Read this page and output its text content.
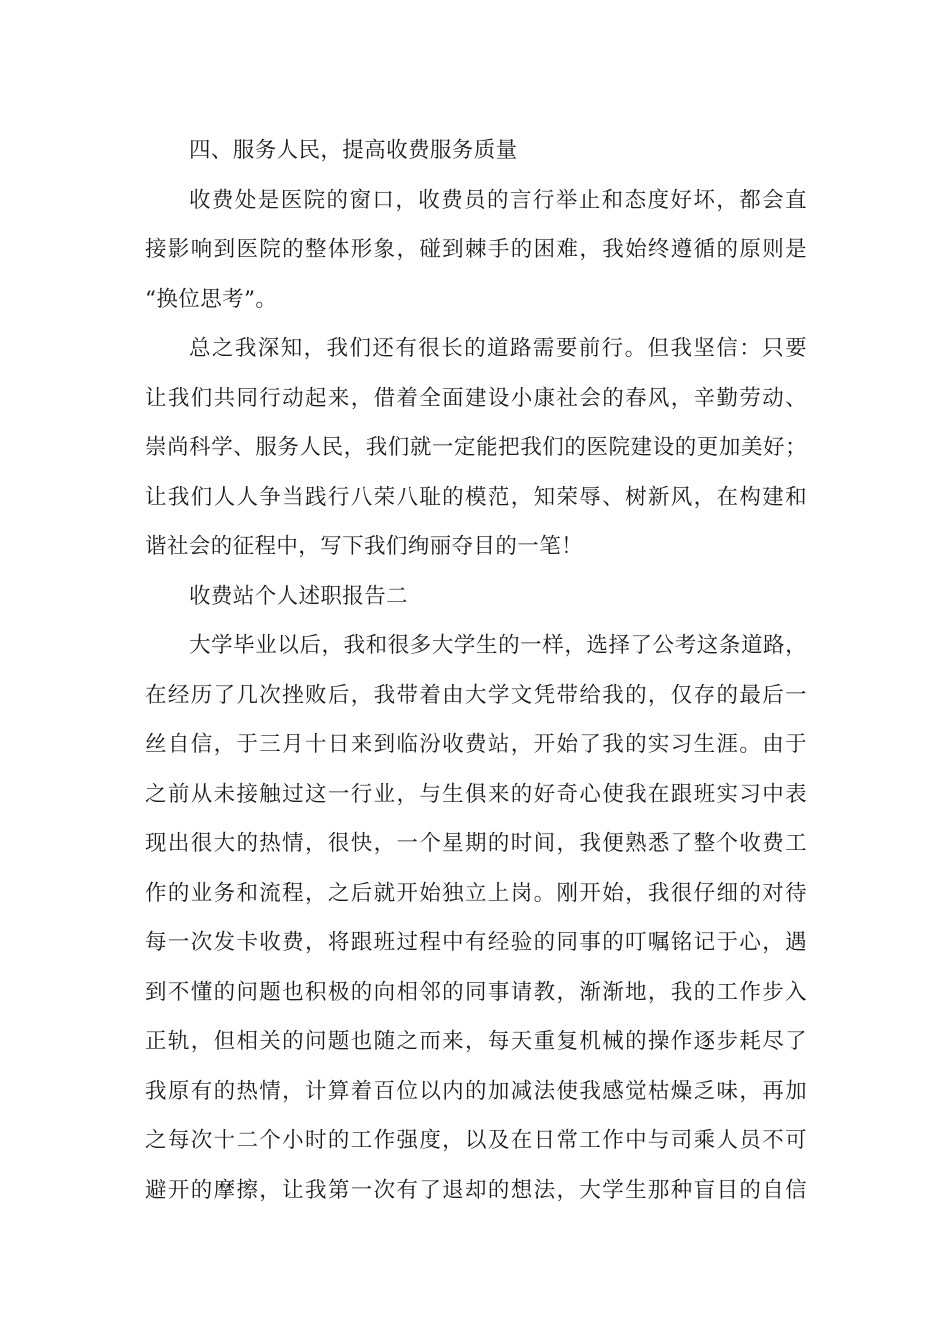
四、服务人民，提高收费服务质量
收费处是医院的窗口，收费员的言行举止和态度好坏，都会直
接影响到医院的整体形象，碰到棘手的困难，我始终遵循的原则是
“换位思考”。
总之我深知，我们还有很长的道路需要前行。但我坚信：只要
让我们共同行动起来，借着全面建设小康社会的春风，辛勤劳动、
崇尚科学、服务人民，我们就一定能把我们的医院建设的更加美好；
让我们人人争当践行八荣八耻的模范，知荣辱、树新风，在构建和
谐社会的征程中，写下我们绚丽夺目的一笔！
收费站个人述职报告二
大学毕业以后，我和很多大学生的一样，选择了公考这条道路，
在经历了几次挫败后，我带着由大学文凭带给我的，仅存的最后一
丝自信，于三月十日来到临汾收费站，开始了我的实习生涯。由于
之前从未接触过这一行业，与生俱来的好奇心使我在跟班实习中表
现出很大的热情，很快，一个星期的时间，我便熟悉了整个收费工
作的业务和流程，之后就开始独立上岗。刚开始，我很仔细的对待
每一次发卡收费，将跟班过程中有经验的同事的叮嘱铭记于心，遇
到不懂的问题也积极的向相邻的同事请教，渐渐地，我的工作步入
正轨，但相关的问题也随之而来，每天重复机械的操作逐步耗尽了
我原有的热情，计算着百位以内的加减法使我感觉枯燥乏味，再加
之每次十二个小时的工作强度，以及在日常工作中与司乘人员不可
避开的摩擦，让我第一次有了退却的想法，大学生那种盲目的自信
